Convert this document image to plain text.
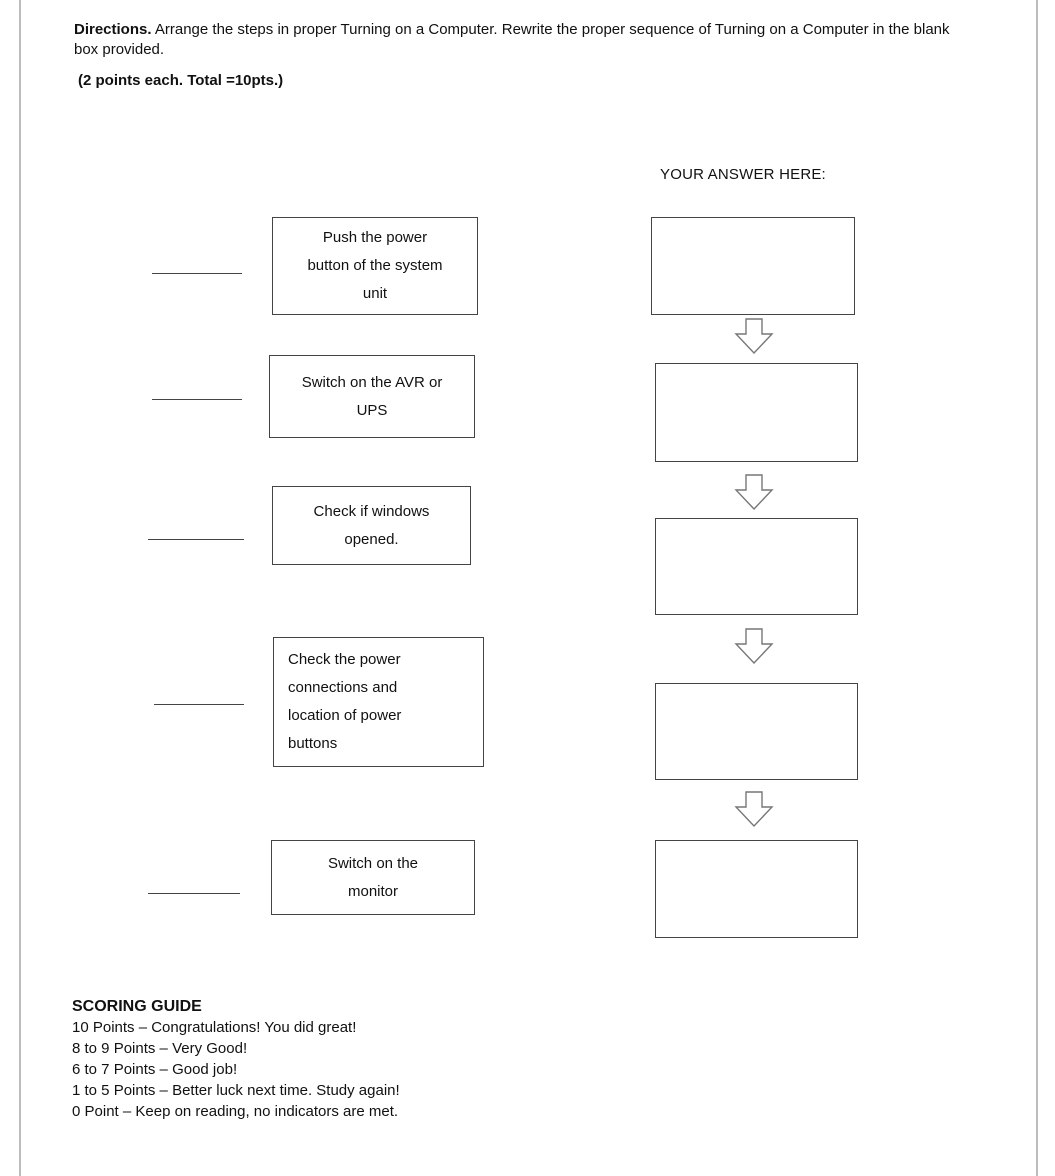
Directions. Arrange the steps in proper Turning on a Computer. Rewrite the proper sequence of Turning on a Computer in the blank box provided.
(2 points each. Total =10pts.)
YOUR ANSWER HERE:
Push the power
button of the system
unit
Switch on the AVR or
UPS
Check if windows
opened.
Check the power
connections and
location of power
buttons
Switch on the
monitor
SCORING GUIDE
10 Points – Congratulations! You did great!
8 to 9 Points – Very Good!
6 to 7 Points – Good job!
1 to 5 Points – Better luck next time. Study again!
0 Point – Keep on reading, no indicators are met.
